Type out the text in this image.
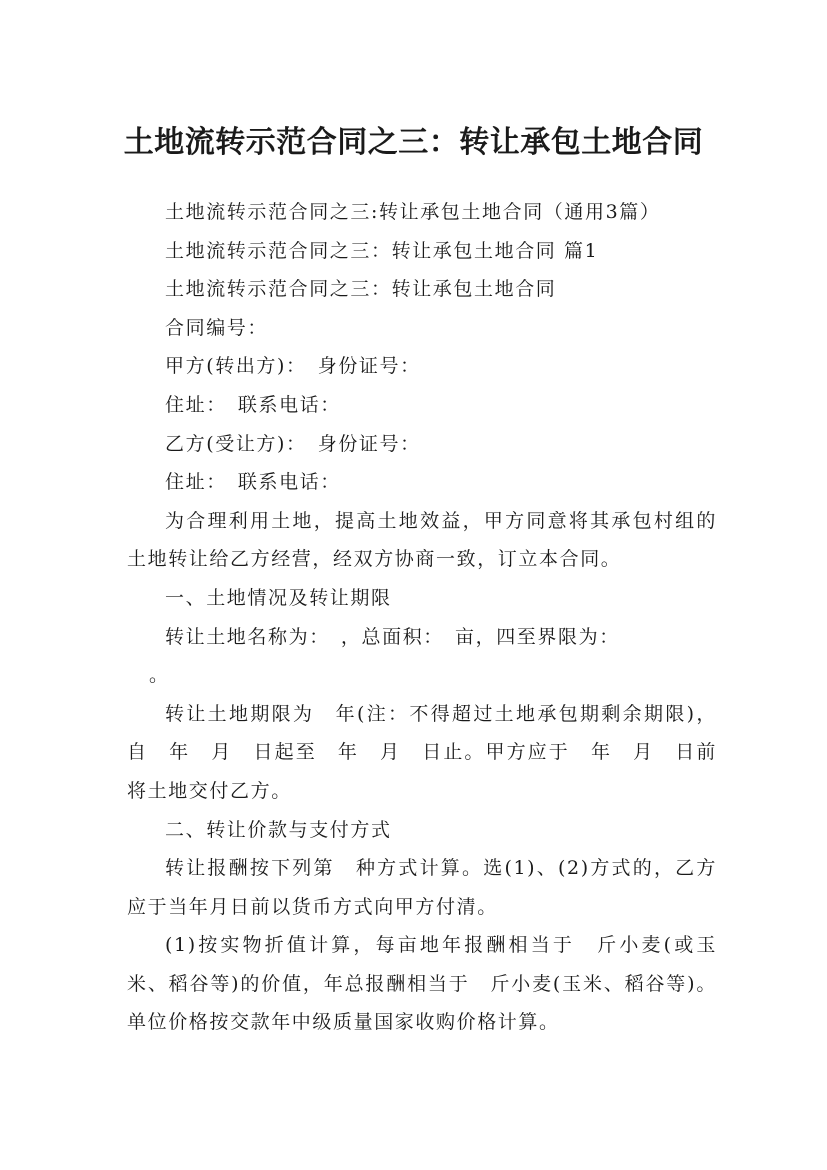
土地流转示范合同之三：转让承包土地合同

土地流转示范合同之三:转让承包土地合同（通用3篇）

土地流转示范合同之三：转让承包土地合同 篇1

土地流转示范合同之三：转让承包土地合同

合同编号：

甲方(转出方)：　身份证号：

住址：　联系电话：

乙方(受让方)：　身份证号：

住址：　联系电话：

为合理利用土地，提高土地效益，甲方同意将其承包村组的土地转让给乙方经营，经双方协商一致，订立本合同。

一、土地情况及转让期限

转让土地名称为：　，总面积：　亩，四至界限为：

。

转让土地期限为　年(注：不得超过土地承包期剩余期限)，自　年　月　日起至　年　月　日止。甲方应于　年　月　日前将土地交付乙方。

二、转让价款与支付方式

转让报酬按下列第　种方式计算。选(1)、(2)方式的，乙方应于当年月日前以货币方式向甲方付清。

(1)按实物折值计算，每亩地年报酬相当于　斤小麦(或玉米、稻谷等)的价值，年总报酬相当于　斤小麦(玉米、稻谷等)。单位价格按交款年中级质量国家收购价格计算。
